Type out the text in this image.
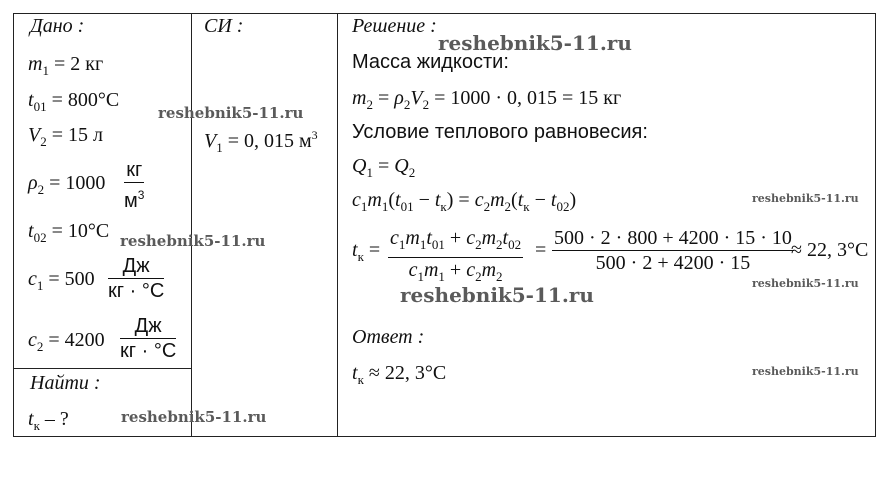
Дано :	СИ :	Решение :
Найти :
$m_1 = 2$ кг
$t_{01} = 800^\circ С$
$V_2 = 15$ л
$\rho_2 = 1000$
кг
$м^3$
$t_{02} = 10^\circ С$
$c_1 = 500$
Дж
кг · °С
$c_2 = 4200$
Дж
кг · °С
$t_к$ – ?
$V_1 = 0$, 015 $м^3$
Масса жидкости:
$m_2 = \rho_2V_2 = 1000 \cdot 0$, 015 = 15 кг
Условие теплового равновесия:
$Q_1 = Q_2$
$c_1m_1(t_{01} - t_к) = c_2m_2(t_к - t_{02})$
$t_к = \frac{c_1m_1t_{01} + c_2m_2t_{02}}{c_1m_1 + c_2m_2} = \frac{500 \cdot 2 \cdot 800 + 4200 \cdot 15 \cdot 10}{500 \cdot 2 + 4200 \cdot 15}$
≈ 22, 3°С
Ответ :
$t_к \approx 22$, 3°С
reshebnik5-11.ru
reshebnik5-11.ru
reshebnik5-11.ru
reshebnik5-11.ru
reshebnik5-11.ru
reshebnik5-11.ru
reshebnik5-11.ru
reshebnik5-11.ru
